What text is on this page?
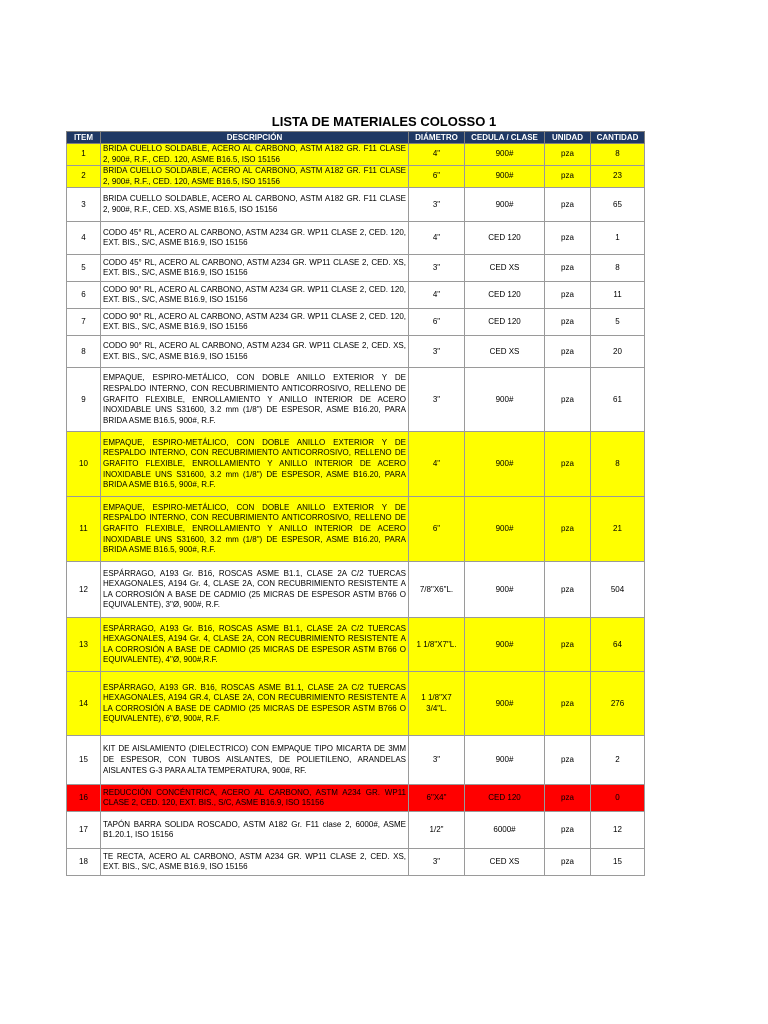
LISTA DE MATERIALES COLOSSO 1
ITEM	DESCRIPCIÓN	DIÁMETRO	CEDULA / CLASE	UNIDAD	CANTIDAD
1	BRIDA CUELLO SOLDABLE, ACERO AL CARBONO, ASTM A182 GR. F11 CLASE 2, 900#, R.F., CED. 120, ASME B16.5, ISO 15156	4"	900#	pza	8
2	BRIDA CUELLO SOLDABLE, ACERO AL CARBONO, ASTM A182 GR. F11 CLASE 2, 900#, R.F., CED. 120, ASME B16.5, ISO 15156	6"	900#	pza	23
3	BRIDA CUELLO SOLDABLE, ACERO AL CARBONO, ASTM A182 GR. F11 CLASE 2, 900#, R.F., CED. XS, ASME B16.5, ISO 15156	3"	900#	pza	65
4	CODO 45° RL, ACERO AL CARBONO, ASTM A234 GR. WP11 CLASE 2, CED. 120, EXT. BIS., S/C, ASME B16.9, ISO 15156	4"	CED 120	pza	1
5	CODO 45° RL, ACERO AL CARBONO, ASTM A234 GR. WP11 CLASE 2, CED. XS, EXT. BIS., S/C, ASME B16.9, ISO 15156	3"	CED XS	pza	8
6	CODO 90° RL, ACERO AL CARBONO, ASTM A234 GR. WP11 CLASE 2, CED. 120, EXT. BIS., S/C, ASME B16.9, ISO 15156	4"	CED 120	pza	11
7	CODO 90° RL, ACERO AL CARBONO, ASTM A234 GR. WP11 CLASE 2, CED. 120, EXT. BIS., S/C, ASME B16.9, ISO 15156	6"	CED 120	pza	5
8	CODO 90° RL, ACERO AL CARBONO, ASTM A234 GR. WP11 CLASE 2, CED. XS, EXT. BIS., S/C, ASME B16.9, ISO 15156	3"	CED XS	pza	20
9	EMPAQUE, ESPIRO-METÁLICO, CON DOBLE ANILLO EXTERIOR Y DE RESPALDO INTERNO, CON RECUBRIMIENTO ANTICORROSIVO, RELLENO DE GRAFITO FLEXIBLE, ENROLLAMIENTO Y ANILLO INTERIOR DE ACERO INOXIDABLE UNS S31600, 3.2 mm (1/8") DE ESPESOR, ASME B16.20, PARA BRIDA ASME B16.5, 900#, R.F.	3"	900#	pza	61
10	EMPAQUE, ESPIRO-METÁLICO, CON DOBLE ANILLO EXTERIOR Y DE RESPALDO INTERNO, CON RECUBRIMIENTO ANTICORROSIVO, RELLENO DE GRAFITO FLEXIBLE, ENROLLAMIENTO Y ANILLO INTERIOR DE ACERO INOXIDABLE UNS S31600, 3.2 mm (1/8") DE ESPESOR, ASME B16.20, PARA BRIDA ASME B16.5, 900#, R.F.	4"	900#	pza	8
11	EMPAQUE, ESPIRO-METÁLICO, CON DOBLE ANILLO EXTERIOR Y DE RESPALDO INTERNO, CON RECUBRIMIENTO ANTICORROSIVO, RELLENO DE GRAFITO FLEXIBLE, ENROLLAMIENTO Y ANILLO INTERIOR DE ACERO INOXIDABLE UNS S31600, 3.2 mm (1/8") DE ESPESOR, ASME B16.20, PARA BRIDA ASME B16.5, 900#, R.F.	6"	900#	pza	21
12	ESPÁRRAGO, A193 Gr. B16, ROSCAS ASME B1.1, CLASE 2A C/2 TUERCAS HEXAGONALES, A194 Gr. 4, CLASE 2A, CON RECUBRIMIENTO RESISTENTE A LA CORROSIÓN A BASE DE CADMIO (25 MICRAS DE ESPESOR ASTM B766 O EQUIVALENTE), 3"Ø, 900#, R.F.	7/8"X6"L.	900#	pza	504
13	ESPÁRRAGO, A193 Gr. B16, ROSCAS ASME B1.1, CLASE 2A C/2 TUERCAS HEXAGONALES, A194 Gr. 4, CLASE 2A, CON RECUBRIMIENTO RESISTENTE A LA CORROSIÓN A BASE DE CADMIO (25 MICRAS DE ESPESOR ASTM B766 O EQUIVALENTE), 4"Ø, 900#,R.F.	1 1/8"X7"L.	900#	pza	64
14	ESPÁRRAGO, A193 GR. B16, ROSCAS ASME B1.1, CLASE 2A C/2 TUERCAS HEXAGONALES, A194 GR.4, CLASE 2A, CON RECUBRIMIENTO RESISTENTE A LA CORROSIÓN A BASE DE CADMIO (25 MICRAS DE ESPESOR ASTM B766 O EQUIVALENTE), 6"Ø, 900#, R.F.	1 1/8"X7 3/4"L.	900#	pza	276
15	KIT DE AISLAMIENTO (DIELECTRICO) CON EMPAQUE TIPO MICARTA DE 3MM DE ESPESOR, CON TUBOS AISLANTES, DE POLIETILENO, ARANDELAS AISLANTES G-3 PARA ALTA TEMPERATURA, 900#, RF.	3"	900#	pza	2
16	REDUCCIÓN CONCÉNTRICA, ACERO AL CARBONO, ASTM A234 GR. WP11 CLASE 2, CED. 120, EXT. BIS., S/C, ASME B16.9, ISO 15156	6"X4"	CED 120	pza	0
17	TAPÓN BARRA SOLIDA ROSCADO, ASTM A182 Gr. F11 clase 2, 6000#, ASME B1.20.1, ISO 15156	1/2"	6000#	pza	12
18	TE RECTA, ACERO AL CARBONO, ASTM A234 GR. WP11 CLASE 2, CED. XS, EXT. BIS., S/C, ASME B16.9, ISO 15156	3"	CED XS	pza	15
